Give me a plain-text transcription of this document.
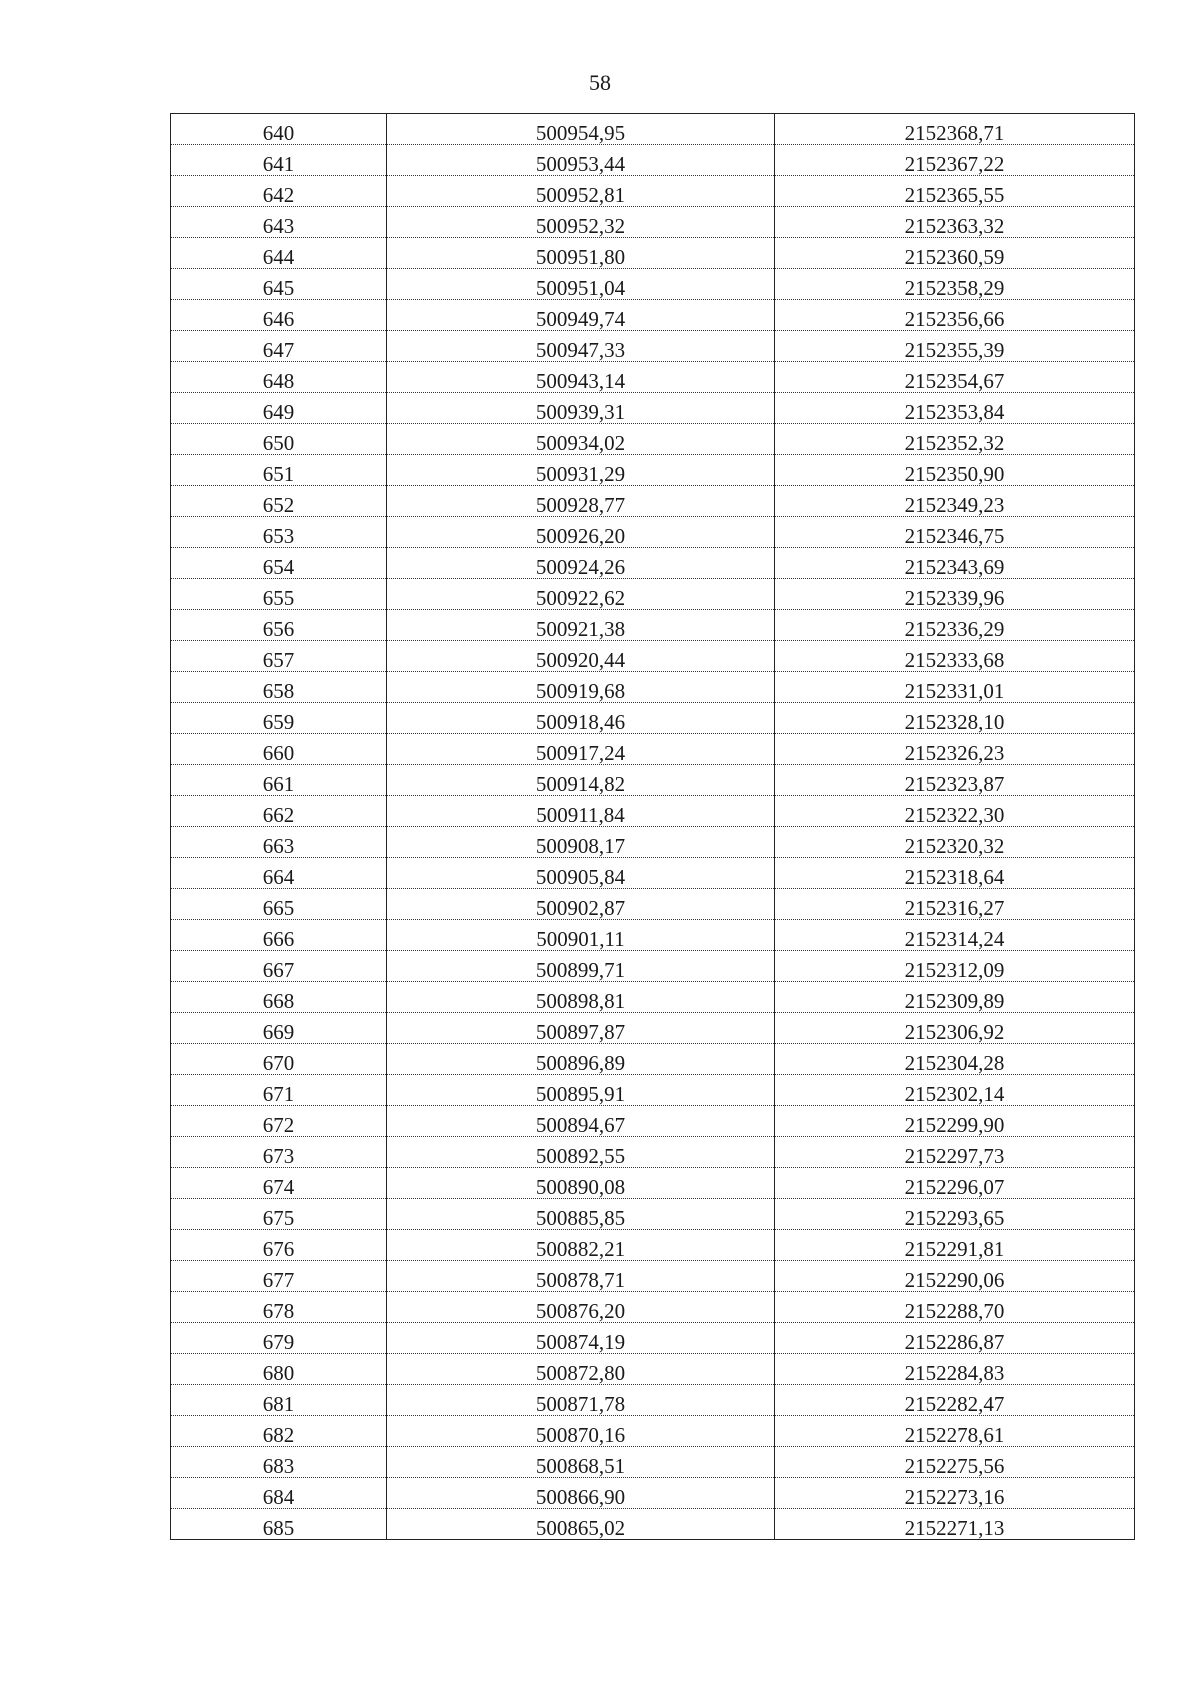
58
640	500954,95	2152368,71
641	500953,44	2152367,22
642	500952,81	2152365,55
643	500952,32	2152363,32
644	500951,80	2152360,59
645	500951,04	2152358,29
646	500949,74	2152356,66
647	500947,33	2152355,39
648	500943,14	2152354,67
649	500939,31	2152353,84
650	500934,02	2152352,32
651	500931,29	2152350,90
652	500928,77	2152349,23
653	500926,20	2152346,75
654	500924,26	2152343,69
655	500922,62	2152339,96
656	500921,38	2152336,29
657	500920,44	2152333,68
658	500919,68	2152331,01
659	500918,46	2152328,10
660	500917,24	2152326,23
661	500914,82	2152323,87
662	500911,84	2152322,30
663	500908,17	2152320,32
664	500905,84	2152318,64
665	500902,87	2152316,27
666	500901,11	2152314,24
667	500899,71	2152312,09
668	500898,81	2152309,89
669	500897,87	2152306,92
670	500896,89	2152304,28
671	500895,91	2152302,14
672	500894,67	2152299,90
673	500892,55	2152297,73
674	500890,08	2152296,07
675	500885,85	2152293,65
676	500882,21	2152291,81
677	500878,71	2152290,06
678	500876,20	2152288,70
679	500874,19	2152286,87
680	500872,80	2152284,83
681	500871,78	2152282,47
682	500870,16	2152278,61
683	500868,51	2152275,56
684	500866,90	2152273,16
685	500865,02	2152271,13
